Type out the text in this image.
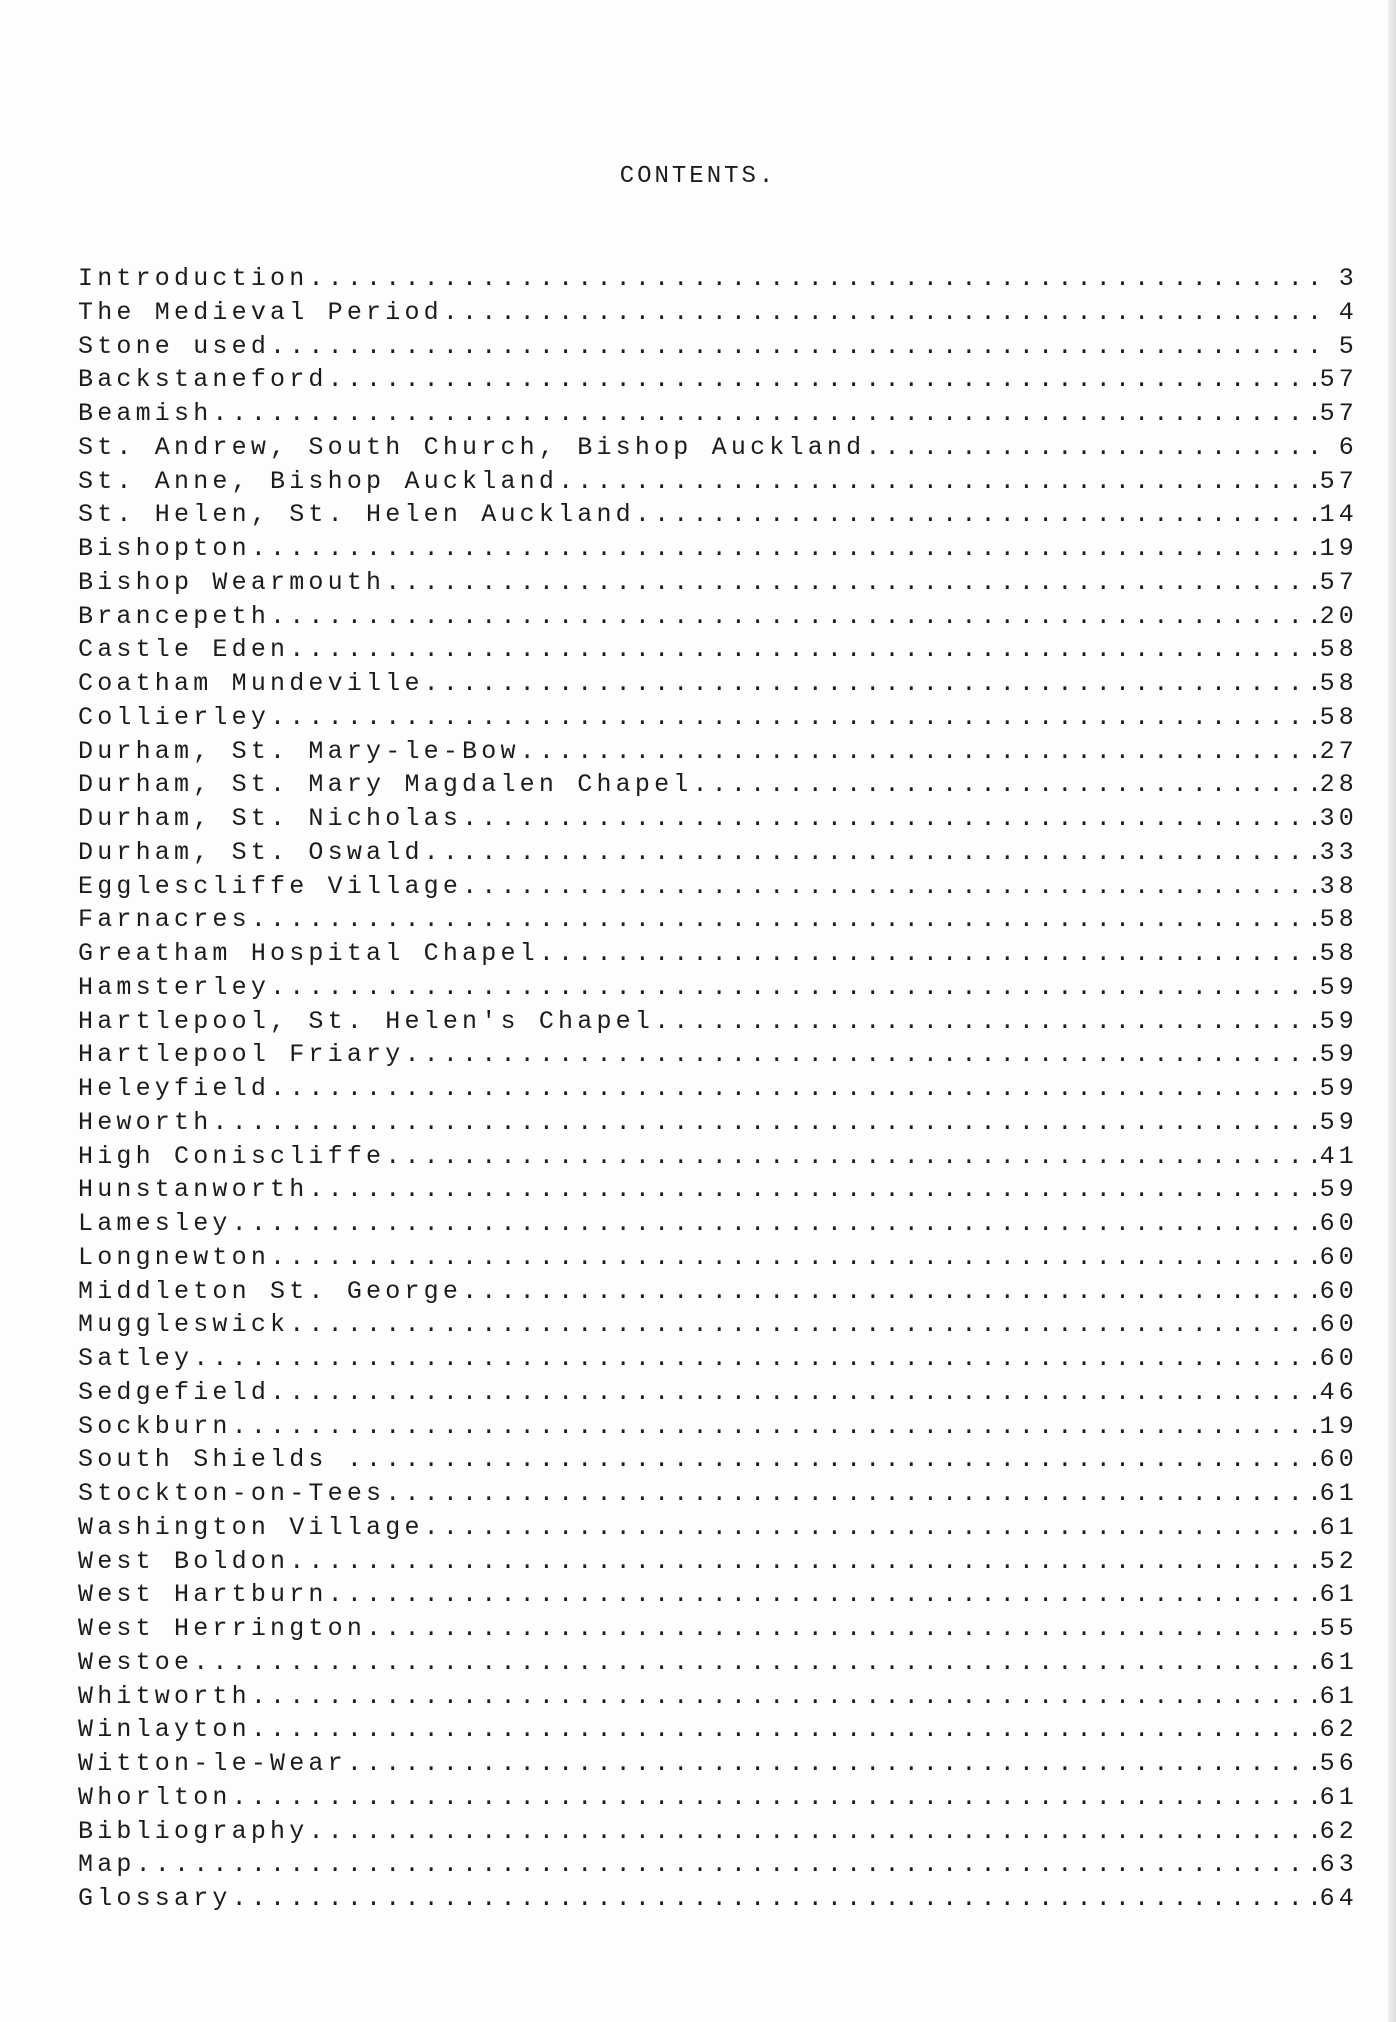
CONTENTS.
Introduction .....	3
The Medieval Period .....	4
Stone used .....	5
Backstaneford .....	57
Beamish .....	57
St. Andrew, South Church, Bishop Auckland .....	6
St. Anne, Bishop Auckland .....	57
St. Helen, St. Helen Auckland .....	14
Bishopton .....	19
Bishop Wearmouth .....	57
Brancepeth .....	20
Castle Eden .....	58
Coatham Mundeville .....	58
Collierley .....	58
Durham, St. Mary-le-Bow .....	27
Durham, St. Mary Magdalen Chapel .....	28
Durham, St. Nicholas .....	30
Durham, St. Oswald .....	33
Egglescliffe Village .....	38
Farnacres .....	58
Greatham Hospital Chapel .....	58
Hamsterley .....	59
Hartlepool, St. Helen's Chapel .....	59
Hartlepool Friary .....	59
Heleyfield .....	59
Heworth .....	59
High Coniscliffe .....	41
Hunstanworth .....	59
Lamesley .....	60
Longnewton .....	60
Middleton St. George .....	60
Muggleswick .....	60
Satley .....	60
Sedgefield .....	46
Sockburn .....	19
South Shields .....	60
Stockton-on-Tees .....	61
Washington Village .....	61
West Boldon .....	52
West Hartburn .....	61
West Herrington .....	55
Westoe .....	61
Whitworth .....	61
Winlayton .....	62
Witton-le-Wear .....	56
Whorlton .....	61
Bibliography .....	62
Map .....	63
Glossary .....	64
